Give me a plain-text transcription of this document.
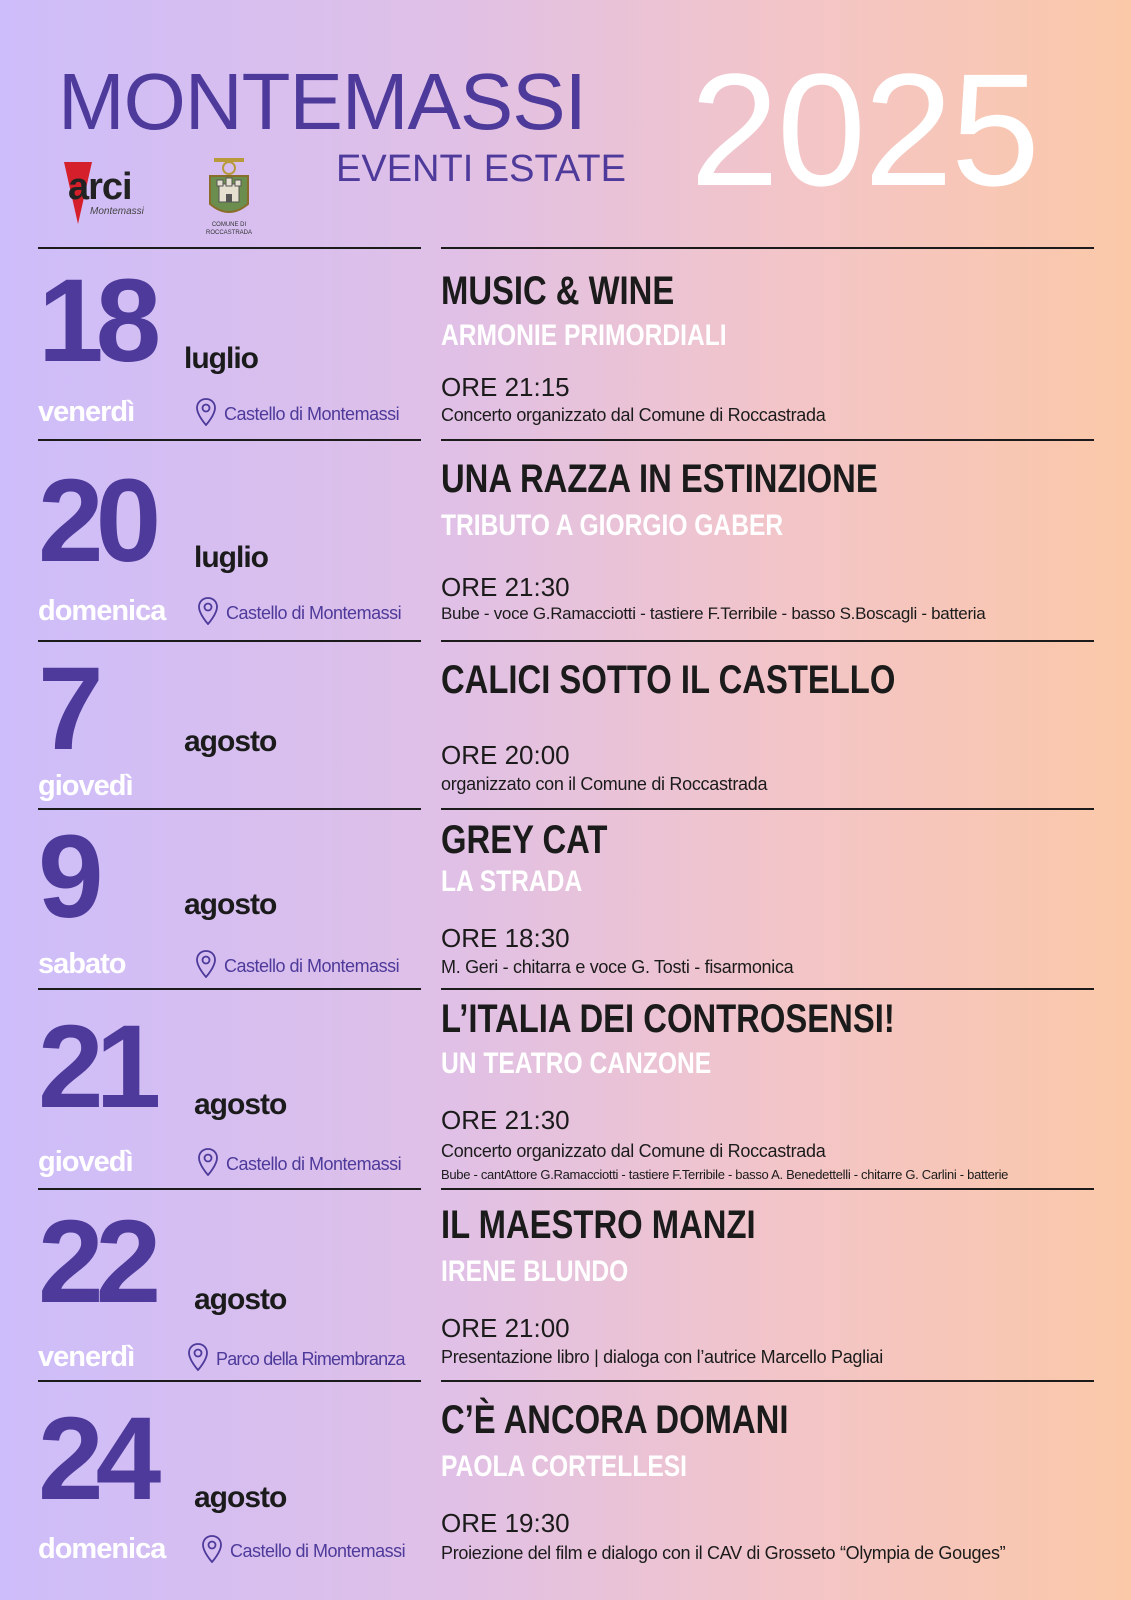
MONTEMASSI
EVENTI ESTATE 2025
arci
Montemassi
COMUNE DI
ROCCASTRADA
18 luglio
venerdì	Castello di Montemassi
MUSIC & WINE
ARMONIE PRIMORDIALI
ORE 21:15
Concerto organizzato dal Comune di Roccastrada
20 luglio
domenica	Castello di Montemassi
UNA RAZZA IN ESTINZIONE
TRIBUTO A GIORGIO GABER
ORE 21:30
Bube - voce G.Ramacciotti - tastiere F.Terribile - basso S.Boscagli - batteria
7	agosto
giovedì
CALICI SOTTO IL CASTELLO
ORE 20:00
organizzato con il Comune di Roccastrada
9	agosto
sabato	Castello di Montemassi
GREY CAT
LA STRADA
ORE 18:30
M. Geri - chitarra e voce G. Tosti - fisarmonica
21 agosto
giovedì	Castello di Montemassi
L’ITALIA DEI CONTROSENSI!
UN TEATRO CANZONE
ORE 21:30
Concerto organizzato dal Comune di Roccastrada
Bube - cantAttore G.Ramacciotti - tastiere F.Terribile - basso A. Benedettelli - chitarre G. Carlini - batterie
22 agosto
venerdì	Parco della Rimembranza
IL MAESTRO MANZI
IRENE BLUNDO
ORE 21:00
Presentazione libro | dialoga con l’autrice Marcello Pagliai
24 agosto
domenica	Castello di Montemassi
C’È ANCORA DOMANI
PAOLA CORTELLESI
ORE 19:30
Proiezione del film e dialogo con il CAV di Grosseto “Olympia de Gouges”
